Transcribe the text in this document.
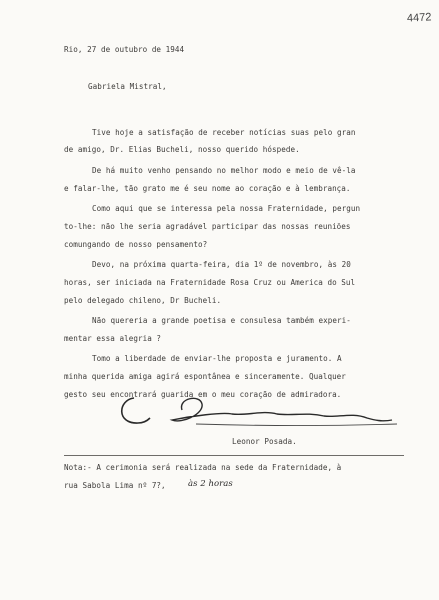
4472
Rio, 27 de outubro de 1944
Gabriela Mistral,
Tive hoje a satisfação de receber notícias suas pelo gran
de amigo, Dr. Elias Bucheli, nosso querido hóspede.
De há muito venho pensando no melhor modo e meio de vê-la
e falar-lhe, tão grato me é seu nome ao coração e à lembrança.
Como aqui que se interessa pela nossa Fraternidade, pergun
to-lhe: não lhe seria agradável participar das nossas reuniões
comungando de nosso pensamento?
Devo, na próxima quarta-feira, dia 1º de novembro, às 20
horas, ser iniciada na Fraternidade Rosa Cruz ou America do Sul
pelo delegado chileno, Dr Bucheli.
Não quereria a grande poetisa e consulesa também experi-
mentar essa alegria ?
Tomo a liberdade de enviar-lhe proposta e juramento. A
minha querida amiga agirá espontânea e sinceramente. Qualquer
gesto seu encontrará guarida em o meu coração de admiradora.
Leonor Posada.
Nota:- A cerimonia será realizada na sede da Fraternidade, à
rua Sabola Lima nº 7?,	às 2 horas
